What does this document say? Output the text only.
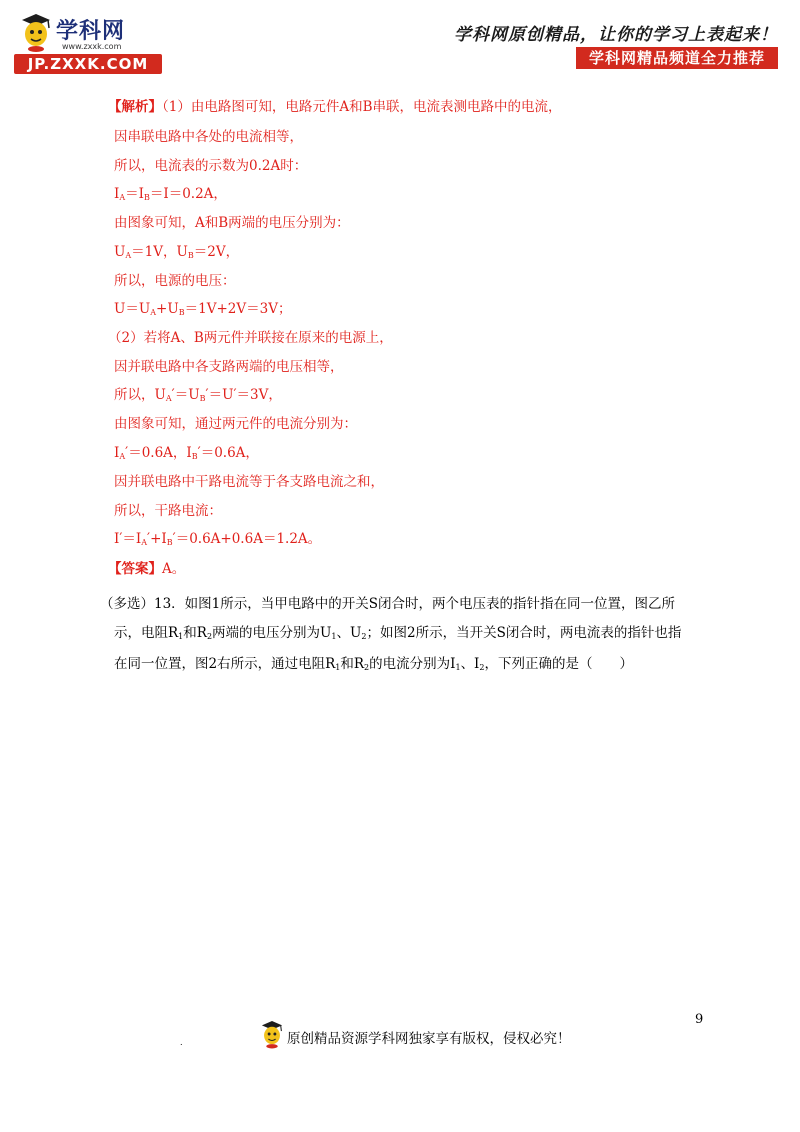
学科网
www.zxxk.com
JP.ZXXK.COM
学科网原创精品，让你的学习上表起来！
学科网精品频道全力推荐
【解析】（1）由电路图可知，电路元件A和B串联，电流表测电路中的电流，
因串联电路中各处的电流相等，
所以，电流表的示数为0.2A时：
$I_A=I_B=I=0.2A$，
由图象可知，A和B两端的电压分别为：
$U_A=1V$，$U_B=2V$，
所以，电源的电压：
$U=U_A+U_B=1V+2V=3V$；
（2）若将A、B两元件并联接在原来的电源上，
因并联电路中各支路两端的电压相等，
所以，$U_A'=U_B'=U'=3V$，
由图象可知，通过两元件的电流分别为：
$I_A'=0.6A$，$I_B'=0.6A$，
因并联电路中干路电流等于各支路电流之和，
所以，干路电流：
$I'=I_A'+I_B'=0.6A+0.6A=1.2A$。
【答案】A。
（多选）13．如图1所示，当甲电路中的开关S闭合时，两个电压表的指针指在同一位置，图乙所
示，电阻$R_1$和$R_2$两端的电压分别为$U_1$、$U_2$；如图2所示，当开关S闭合时，两电流表的指针也指
在同一位置，图2右所示，通过电阻$R_1$和$R_2$的电流分别为$I_1$、$I_2$，下列正确的是（　　）
9
.	原创精品资源学科网独家享有版权，侵权必究！
